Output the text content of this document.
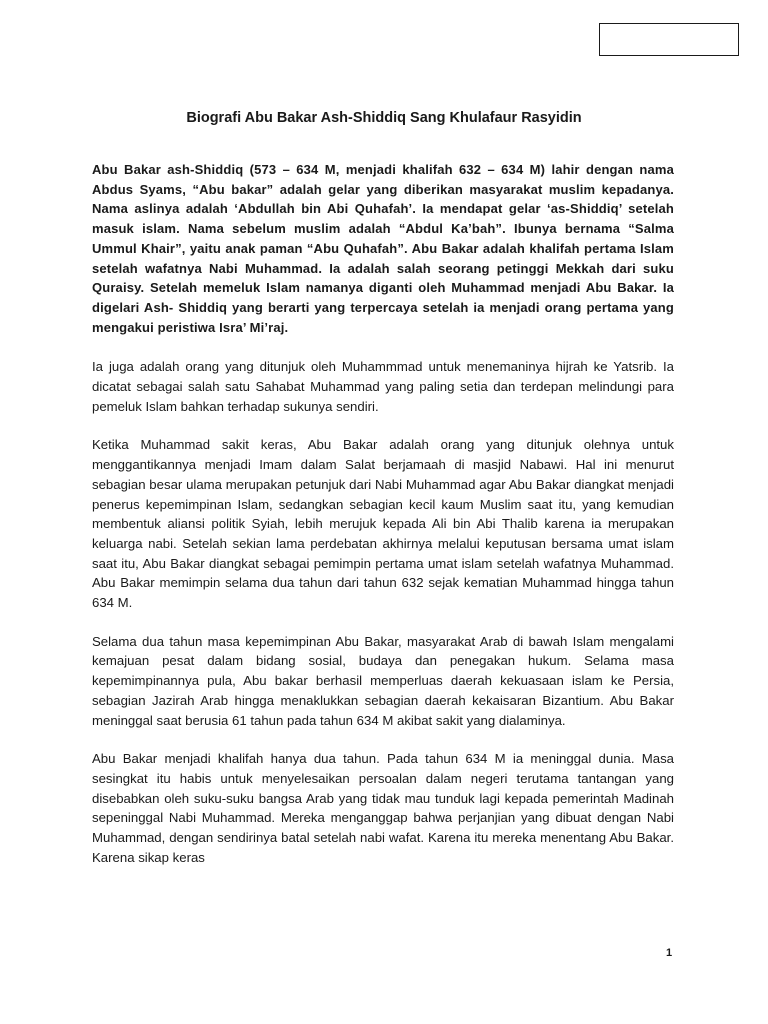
Biografi Abu Bakar Ash-Shiddiq Sang Khulafaur Rasyidin

Abu Bakar ash-Shiddiq (573 – 634 M, menjadi khalifah 632 – 634 M) lahir dengan nama Abdus Syams, “Abu bakar” adalah gelar yang diberikan masyarakat muslim kepadanya. Nama aslinya adalah ‘Abdullah bin Abi Quhafah’. Ia mendapat gelar ‘as-Shiddiq’ setelah masuk islam. Nama sebelum muslim adalah “Abdul Ka’bah”. Ibunya bernama “Salma Ummul Khair”, yaitu anak paman “Abu Quhafah”. Abu Bakar adalah khalifah pertama Islam setelah wafatnya Nabi Muhammad. Ia adalah salah seorang petinggi Mekkah dari suku Quraisy. Setelah memeluk Islam namanya diganti oleh Muhammad menjadi Abu Bakar. Ia digelari Ash- Shiddiq yang berarti yang terpercaya setelah ia menjadi orang pertama yang mengakui peristiwa Isra’ Mi’raj.

Ia juga adalah orang yang ditunjuk oleh Muhammmad untuk menemaninya hijrah ke Yatsrib. Ia dicatat sebagai salah satu Sahabat Muhammad yang paling setia dan terdepan melindungi para pemeluk Islam bahkan terhadap sukunya sendiri.

Ketika Muhammad sakit keras, Abu Bakar adalah orang yang ditunjuk olehnya untuk menggantikannya menjadi Imam dalam Salat berjamaah di masjid Nabawi. Hal ini menurut sebagian besar ulama merupakan petunjuk dari Nabi Muhammad agar Abu Bakar diangkat menjadi penerus kepemimpinan Islam, sedangkan sebagian kecil kaum Muslim saat itu, yang kemudian membentuk aliansi politik Syiah, lebih merujuk kepada Ali bin Abi Thalib karena ia merupakan keluarga nabi. Setelah sekian lama perdebatan akhirnya melalui keputusan bersama umat islam saat itu, Abu Bakar diangkat sebagai pemimpin pertama umat islam setelah wafatnya Muhammad. Abu Bakar memimpin selama dua tahun dari tahun 632 sejak kematian Muhammad hingga tahun 634 M.

Selama dua tahun masa kepemimpinan Abu Bakar, masyarakat Arab di bawah Islam mengalami kemajuan pesat dalam bidang sosial, budaya dan penegakan hukum. Selama masa kepemimpinannya pula, Abu bakar berhasil memperluas daerah kekuasaan islam ke Persia, sebagian Jazirah Arab hingga menaklukkan sebagian daerah kekaisaran Bizantium. Abu Bakar meninggal saat berusia 61 tahun pada tahun 634 M akibat sakit yang dialaminya.

Abu Bakar menjadi khalifah hanya dua tahun. Pada tahun 634 M ia meninggal dunia. Masa sesingkat itu habis untuk menyelesaikan persoalan dalam negeri terutama tantangan yang disebabkan oleh suku-suku bangsa Arab yang tidak mau tunduk lagi kepada pemerintah Madinah sepeninggal Nabi Muhammad. Mereka menganggap bahwa perjanjian yang dibuat dengan Nabi Muhammad, dengan sendirinya batal setelah nabi wafat. Karena itu mereka menentang Abu Bakar. Karena sikap keras

1
